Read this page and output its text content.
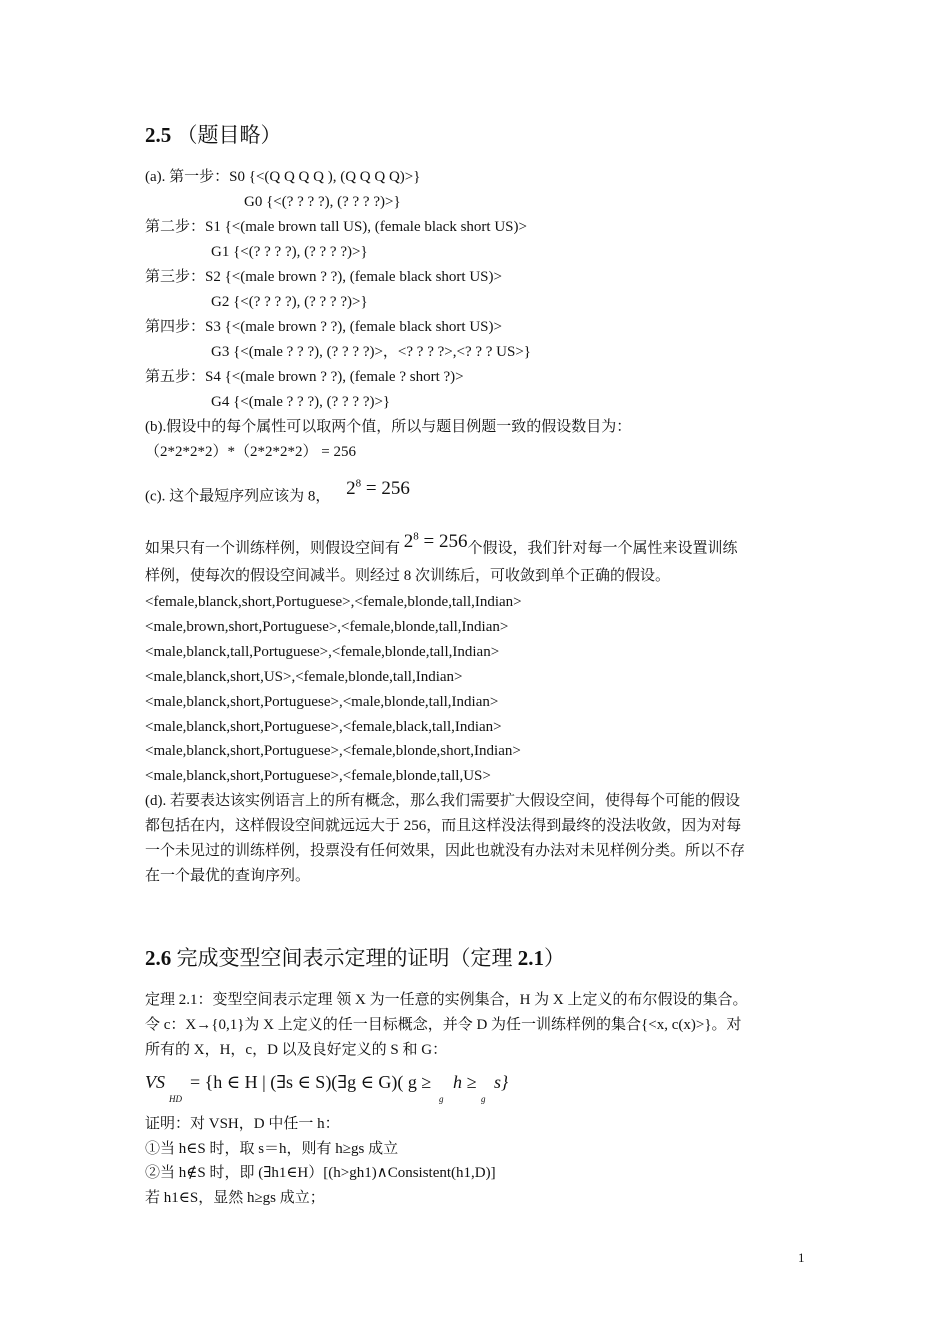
2.5 （题目略）
(a). 第一步：S0 {<(Q Q Q Q ), (Q Q Q Q)>}
G0 {<(? ? ? ?), (? ? ? ?)>}
第二步：S1 {<(male brown tall US), (female black short US)>
G1 {<(? ? ? ?), (? ? ? ?)>}
第三步：S2 {<(male brown ? ?), (female black short US)>
G2 {<(? ? ? ?), (? ? ? ?)>}
第四步：S3 {<(male brown ? ?), (female black short US)>
G3 {<(male ? ? ?), (? ? ? ?)>，<? ? ? ?>,<? ? ? US>}
第五步：S4 {<(male brown ? ?), (female ? short ?)>
G4 {<(male ? ? ?), (? ? ? ?)>}
(b).假设中的每个属性可以取两个值，所以与题目例题一致的假设数目为：
（2*2*2*2）*（2*2*2*2） = 256
(c). 这个最短序列应该为 8， $2^8 = 256$
如果只有一个训练样例，则假设空间有 $2^8 = 256$个假设，我们针对每一个属性来设置训练
样例，使每次的假设空间减半。则经过 8 次训练后，可收敛到单个正确的假设。
<female,blanck,short,Portuguese>,<female,blonde,tall,Indian>
<male,brown,short,Portuguese>,<female,blonde,tall,Indian>
<male,blanck,tall,Portuguese>,<female,blonde,tall,Indian>
<male,blanck,short,US>,<female,blonde,tall,Indian>
<male,blanck,short,Portuguese>,<male,blonde,tall,Indian>
<male,blanck,short,Portuguese>,<female,black,tall,Indian>
<male,blanck,short,Portuguese>,<female,blonde,short,Indian>
<male,blanck,short,Portuguese>,<female,blonde,tall,US>
(d). 若要表达该实例语言上的所有概念，那么我们需要扩大假设空间，使得每个可能的假设
都包括在内，这样假设空间就远远大于 256，而且这样没法得到最终的没法收敛，因为对每
一个未见过的训练样例，投票没有任何效果，因此也就没有办法对未见样例分类。所以不存
在一个最优的查询序列。
2.6 完成变型空间表示定理的证明（定理 2.1）
定理 2.1：变型空间表示定理 领 X 为一任意的实例集合，H 为 X 上定义的布尔假设的集合。
令 c：X→{0,1}为 X 上定义的任一目标概念，并令 D 为任一训练样例的集合{<x, c(x)>}。对
所有的 X，H，c，D 以及良好定义的 S 和 G：
VS
HD
= {h ∈ H | (∃s ∈ S)(∃g ∈ G)( g ≥ h ≥ s}
g	g
证明：对 VSH，D 中任一 h：
①当 h∈S 时，取 s＝h，则有 h≥gs 成立
②当 h∉S 时，即 (∃h1∈H）[(h>gh1)∧Consistent(h1,D)]
若 h1∈S，显然 h≥gs 成立；
1
